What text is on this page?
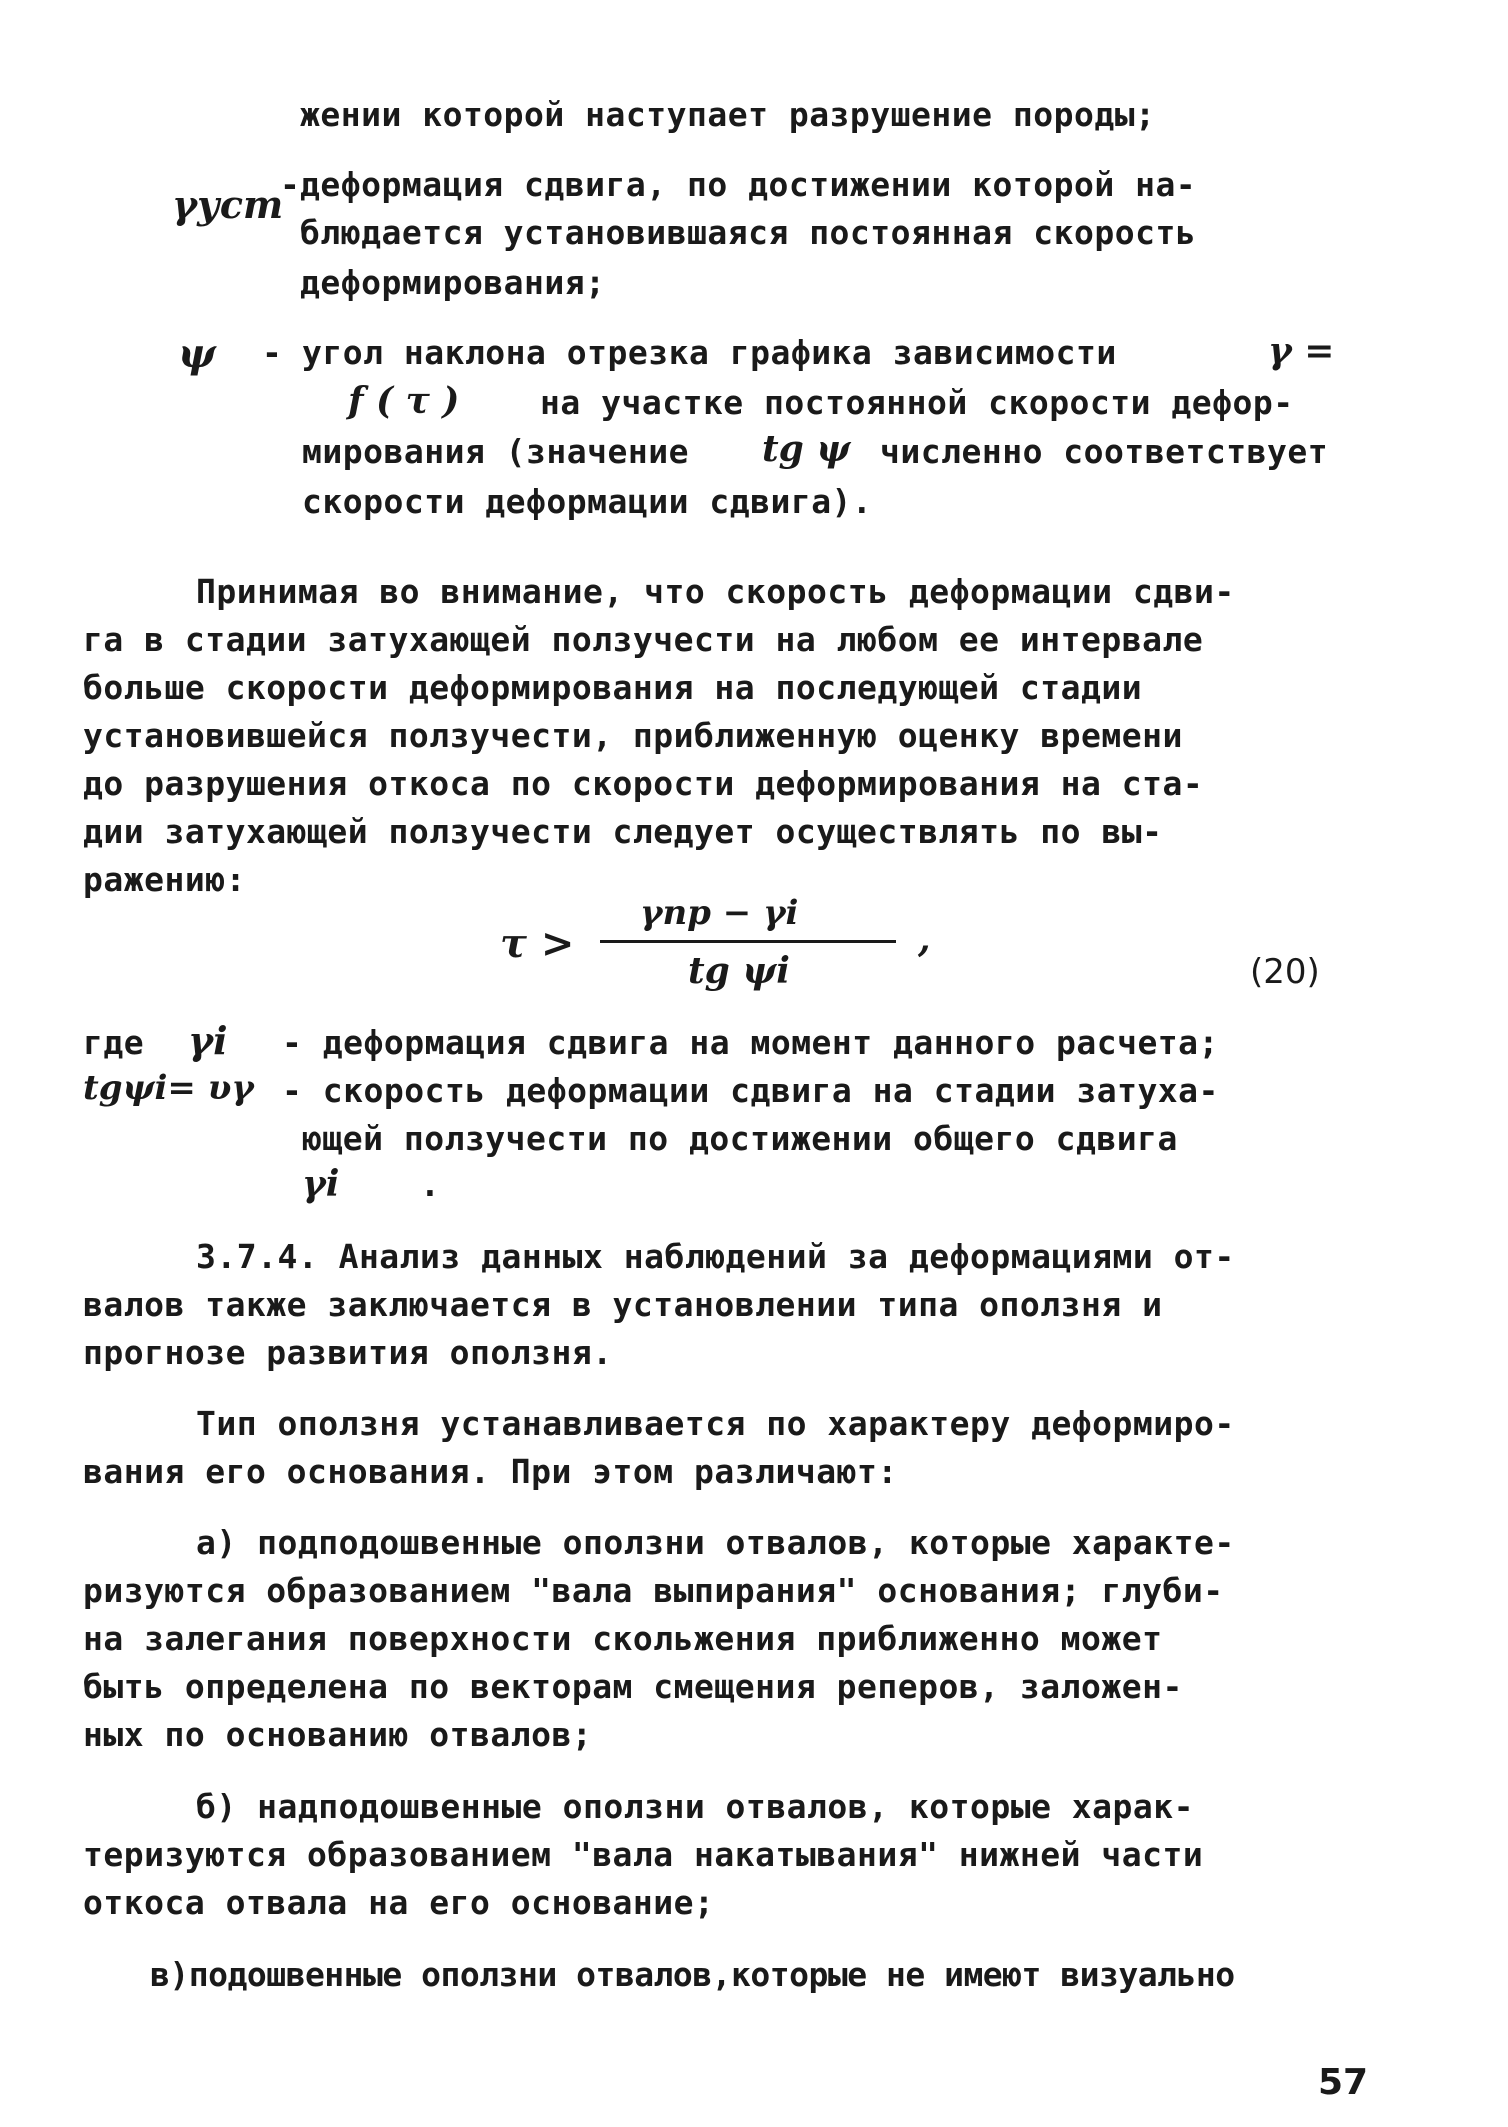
жении которой наступает разрушение породы;
γуст
- деформация сдвига, по достижении которой на-
блюдается установившаяся постоянная скорость
деформирования;
ψ - угол наклона отрезка графика зависимости	γ =
f ( τ ) на участке постоянной скорости дефор-
мирования (значение tg ψ численно соответствует
скорости деформации сдвига).
Принимая во внимание, что скорость деформации сдви-
га в стадии затухающей ползучести на любом ее интервале
больше скорости деформирования на последующей стадии
установившейся ползучести, приближенную оценку времени
до разрушения откоса по скорости деформирования на ста-
дии затухающей ползучести следует осуществлять по вы-
ражению:
τ >
γпр − γi
tg ψi
,
(20)
где γi - деформация сдвига на момент данного расчета;
tgψi= υγ - скорость деформации сдвига на стадии затуха-
ющей ползучести по достижении общего сдвига
γi .
3.7.4. Анализ данных наблюдений за деформациями от-
валов также заключается в установлении типа оползня и
прогнозе развития оползня.
Тип оползня устанавливается по характеру деформиро-
вания его основания. При этом различают:
а) подподошвенные оползни отвалов, которые характе-
ризуются образованием "вала выпирания" основания; глуби-
на залегания поверхности скольжения приближенно может
быть определена по векторам смещения реперов, заложен-
ных по основанию отвалов;
б) надподошвенные оползни отвалов, которые харак-
теризуются образованием "вала накатывания" нижней части
откоса отвала на его основание;
в)подошвенные оползни отвалов,которые не имеют визуально
57
